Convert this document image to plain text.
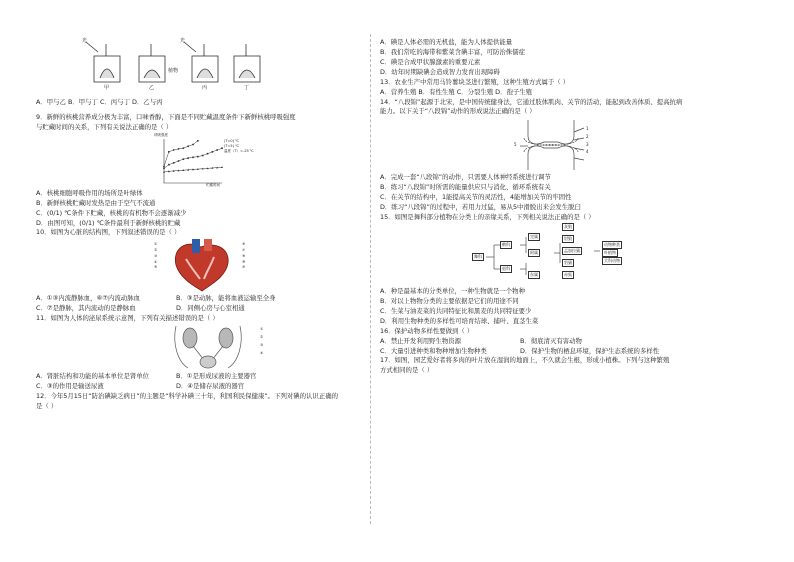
光	光
植物
甲	乙	丙	丁
A．甲与乙 B．甲与丁 C．丙与丁 D．乙与丙
9．新鲜的核桃营养成分极为丰富，口味香醇，下面是不同贮藏温度条件下新鲜核桃呼吸强度
与贮藏时间的关系，下列有关说法正确的是（ ）
呼吸强度
贮藏时间
(T=0) ℃
(T=5) ℃
温度（T）=-25 ℃
A．核桃细胞呼吸作用的场所是叶绿体
B．新鲜核桃贮藏时发热是由于空气不流通
C．(0/1) ℃条件下贮藏，核桃的有机物不会逐渐减少
D．由图可知，(0/1) ℃条件最利于新鲜核桃的贮藏
10．如图为心脏的结构图，下列叙述错误的是（ ）
①
②
③
④
⑤
⑥
⑦
⑧
⑨
⑩
A．①③内流静脉血，⑥⑦内流动脉血	B．③是动脉，能将血液运输至全身
C．⑦是静脉，其内流动的是静脉血	D．同侧心房与心室相通
11．如图为人体的泌尿系统示意图，下列有关描述错误的是（ ）
①
②
③
④
A．肾脏结构和功能的基本单位是肾单位	B．①是形成尿液的主要器官
C．③的作用是输送尿液	D．④是储存尿液的器官
12．今年5月15日“防治碘缺乏病日”的主题是“科学补碘三十年，利国利民保健康”。下列对碘的认识正确的
是（ ）
A．碘是人体必需的无机盐，能为人体提供能量
B．我们常吃的海带和紫菜含碘丰富，可防治侏儒症
C．碘是合成甲状腺激素的重要元素
D．幼年时期缺碘会造成智力发育出现障碍
13．农业生产中常用马铃薯块茎进行繁殖，这种生殖方式属于（ ）
A．营养生殖 B．有性生殖 C．分裂生殖 D．孢子生殖
14．“八段锦”起源于北宋，是中国传统健身法，它通过肢体肌肉、关节的活动，能起到改善体质、提高抗病
能力。以下关于“八段锦”动作的形成说法正确的是（ ）
5
1
2
3
4
A．完成一套“八段锦”的动作，只需要人体神经系统进行调节
B．练习“八段锦”时所需的能量供应只与消化、循环系统有关
C．在关节的结构中，1能提高关节的灵活性，4能增加关节的牢固性
D．练习“八段锦”的过程中，若用力过猛，易从5中滑脱出来会发生脱臼
15．如图是舞科部分植物在分类上的亲缘关系，下列相关说法正确的是（ ）
舞科
鹤科
貂科
完属
阿属
东属
灰狼
豺狼
孟加拉猫
豹猫
赤狐
动物种类
叶植物
犬科动物
A．种是最基本的分类单位，一种生物就是一个物种
B．对以上物物分类的主要依据是它们的用途不同
C．生菜与油麦菜的共同特征比和黑麦的共同特征要少
D．利用生物种类的多样性可培育结球、捕叶、直茎生菜
16．保护动物多样性要做到（ ）
A．禁止开发利用野生物资源	B．彻底清灭有害动物
C．大量引进种类和物种增加生物种类	D．保护生物的栖息环境，保护生态系统的多样性
17．如图，园艺爱好者将多肉的叶片放在湿润的地面上，不久就会生根，形成小植株。下列与这种繁殖
方式相同的是（ ）
